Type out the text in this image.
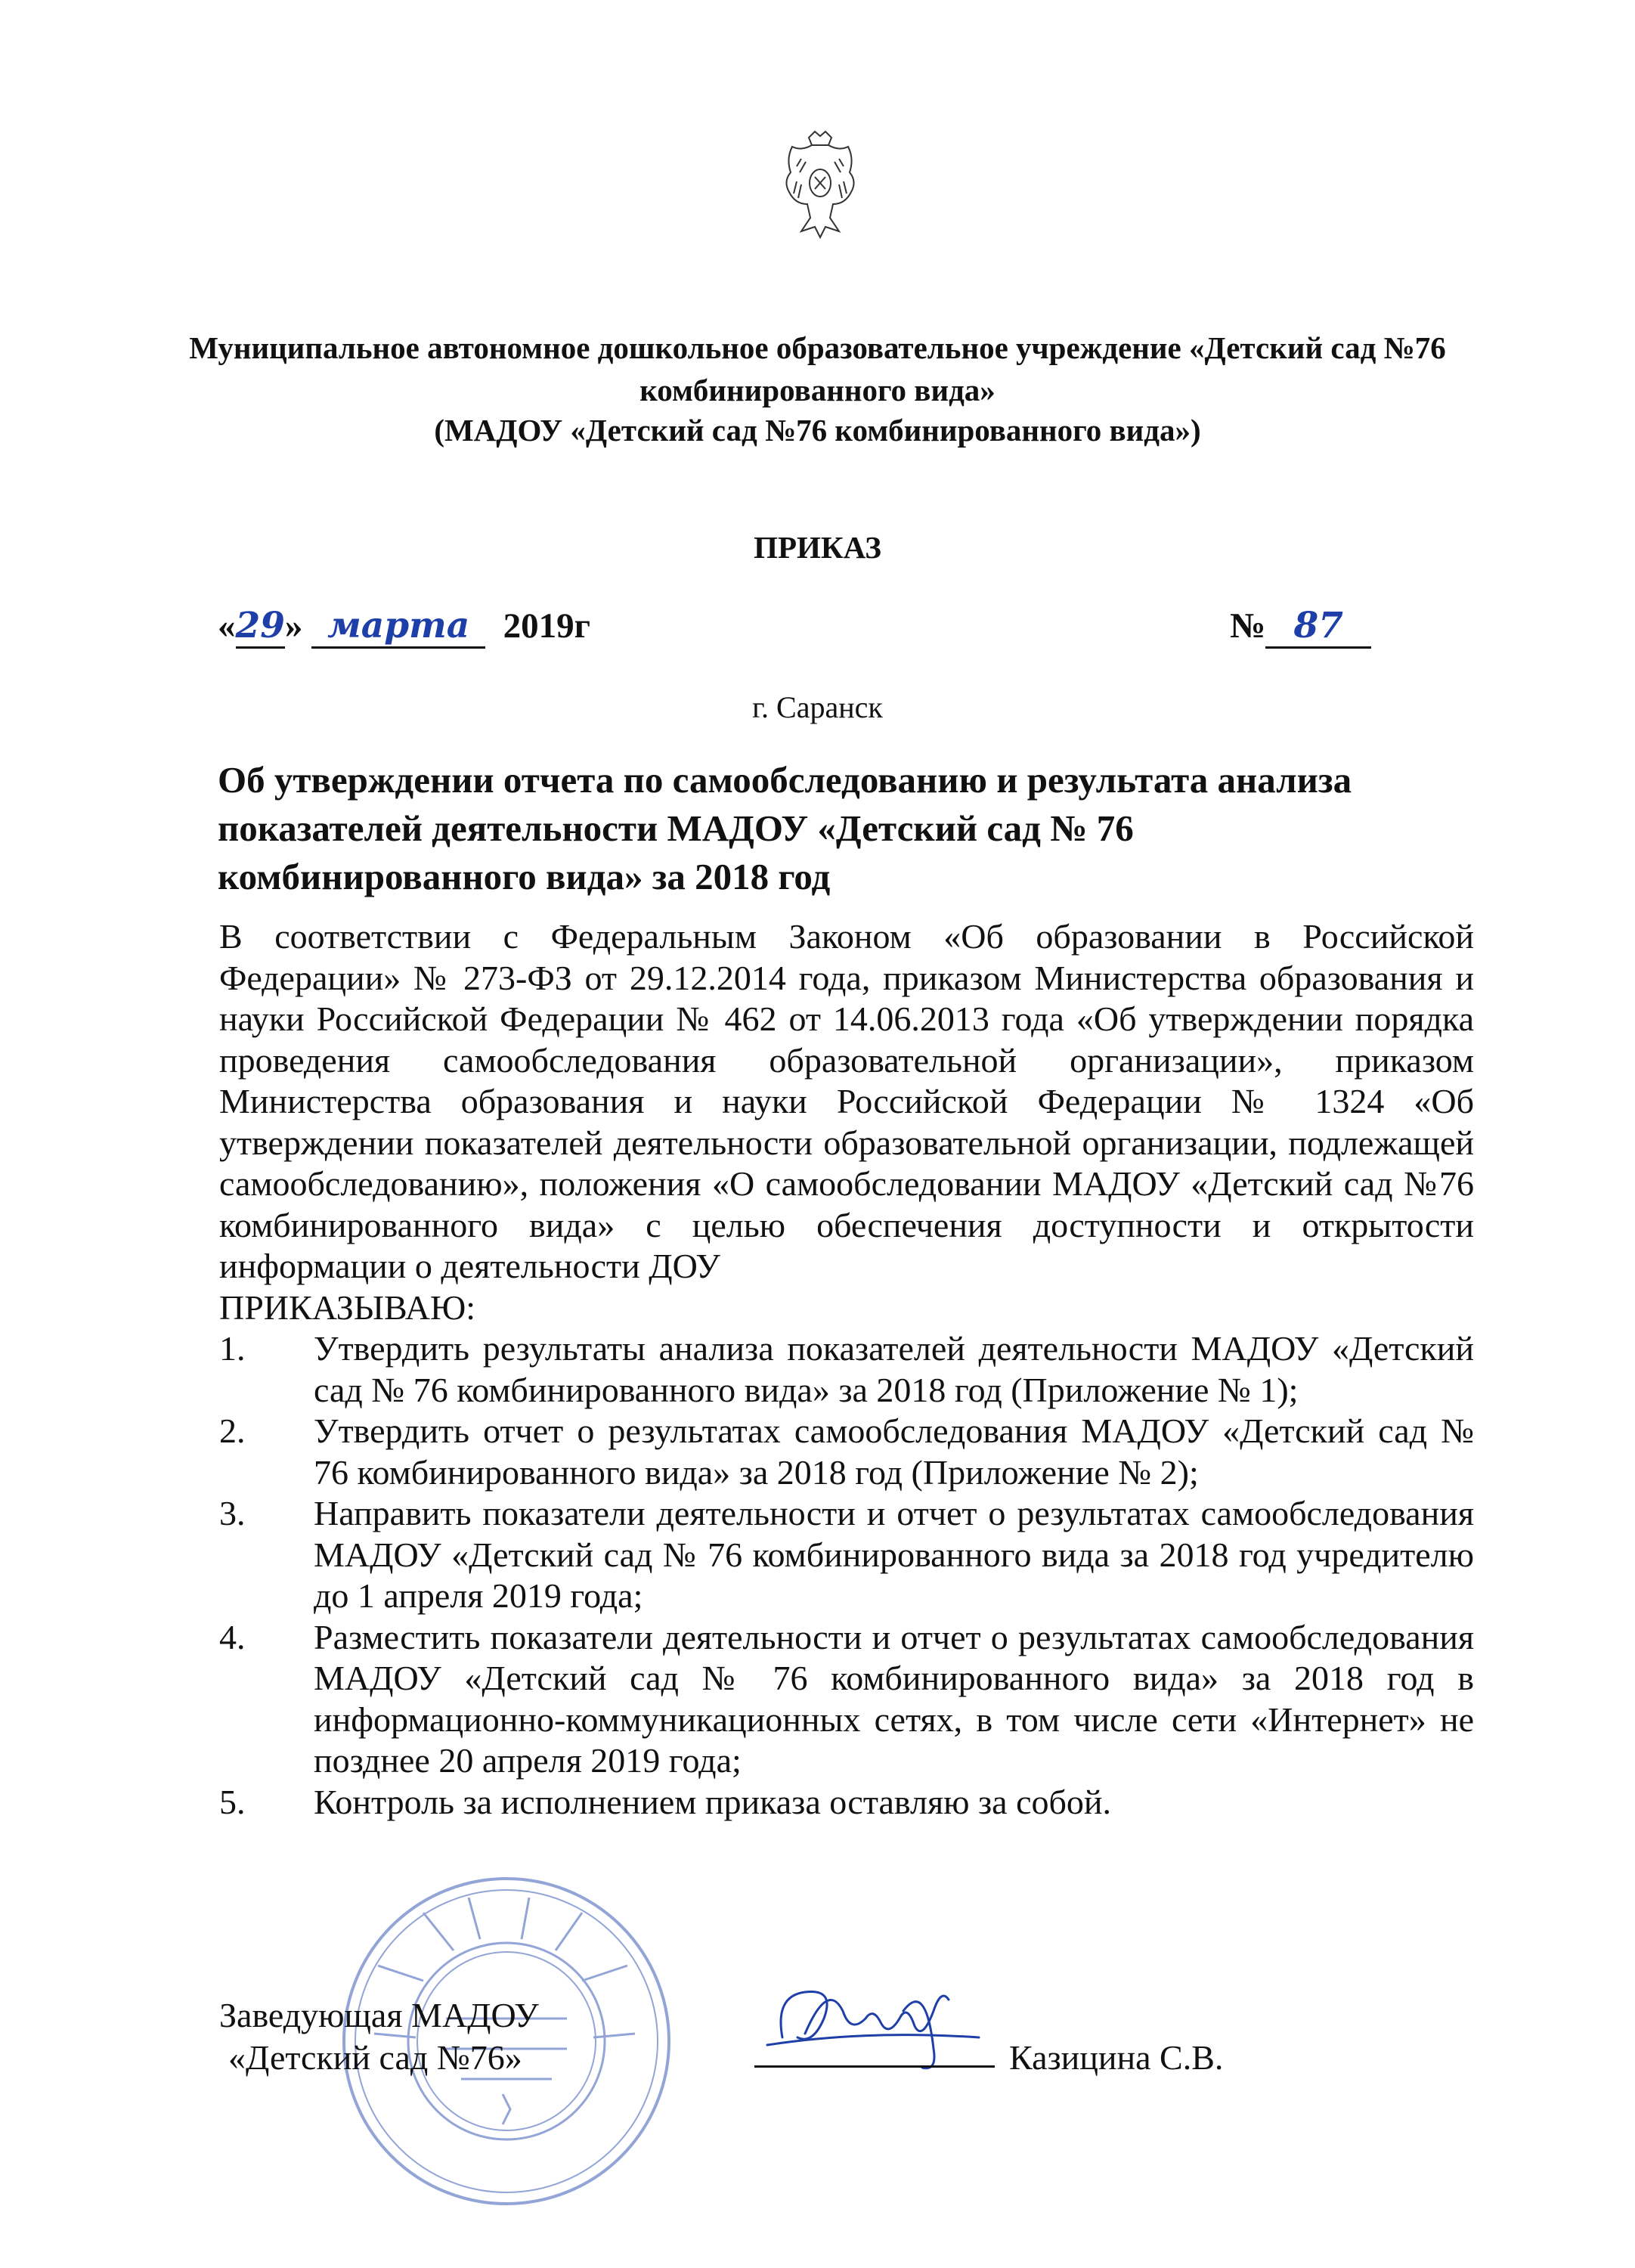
Муниципальное автономное дошкольное образовательное учреждение «Детский сад №76
комбинированного вида»
(МАДОУ «Детский сад №76 комбинированного вида»)
ПРИКАЗ
«29» марта 2019г	№ 87
г. Саранск
Об утверждении отчета по самообследованию и результата анализа показателей деятельности МАДОУ «Детский сад № 76 комбинированного вида» за 2018 год

В соответствии с Федеральным Законом «Об образовании в Российской Федерации» № 273-ФЗ от 29.12.2014 года, приказом Министерства образования и науки Российской Федерации № 462 от 14.06.2013 года «Об утверждении порядка проведения самообследования образовательной организации», приказом Министерства образования и науки Российской Федерации № 1324 «Об утверждении показателей деятельности образовательной организации, подлежащей самообследованию», положения «О самообследовании МАДОУ «Детский сад №76 комбинированного вида» с целью обеспечения доступности и открытости информации о деятельности ДОУ

ПРИКАЗЫВАЮ:

1.	Утвердить результаты анализа показателей деятельности МАДОУ «Детский сад № 76 комбинированного вида» за 2018 год (Приложение № 1);
2.	Утвердить отчет о результатах самообследования МАДОУ «Детский сад № 76 комбинированного вида» за 2018 год (Приложение № 2);
3.	Направить показатели деятельности и отчет о результатах самообследования МАДОУ «Детский сад № 76 комбинированного вида за 2018 год учредителю до 1 апреля 2019 года;
4.	Разместить показатели деятельности и отчет о результатах самообследования МАДОУ «Детский сад № 76 комбинированного вида» за 2018 год в информационно-коммуникационных сетях, в том числе сети «Интернет» не позднее 20 апреля 2019 года;
5.	Контроль за исполнением приказа оставляю за собой.
Заведующая МАДОУ
«Детский сад №76»	Казицина С.В.
